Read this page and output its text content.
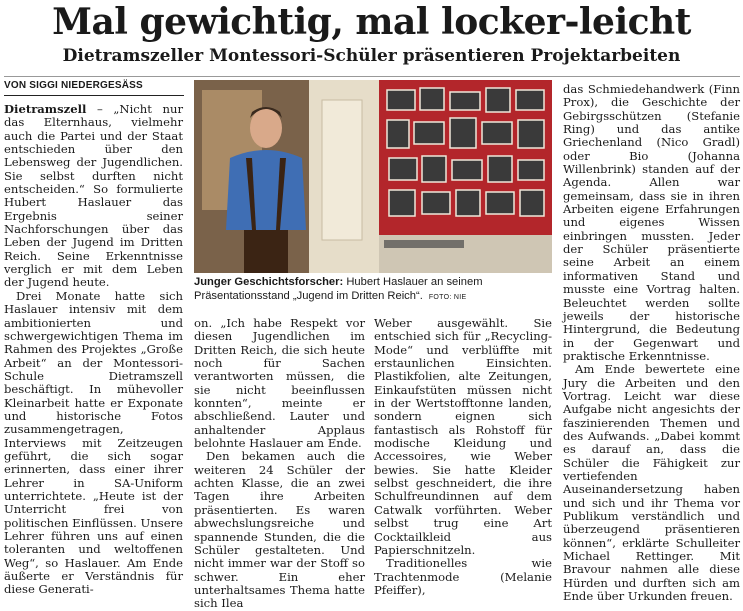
Mal gewichtig, mal locker-leicht
Dietramszeller Montessori-Schüler präsentieren Projektarbeiten
VON SIGGI NIEDERGESÄSS

Dietramszell – „Nicht nur das Elternhaus, vielmehr auch die Partei und der Staat entschieden über den Lebensweg der Jugendlichen. Sie selbst durften nicht entscheiden.“ So formulierte Hubert Haslauer das Ergebnis seiner Nachforschungen über das Leben der Jugend im Dritten Reich. Seine Erkenntnisse verglich er mit dem Leben der Jugend heute.

Drei Monate hatte sich Haslauer intensiv mit dem ambitionierten und schwergewichtigen Thema im Rahmen des Projektes „Große Arbeit“ an der Montessori-Schule Dietramszell beschäftigt. In mühevoller Kleinarbeit hatte er Exponate und historische Fotos zusammengetragen, Interviews mit Zeitzeugen geführt, die sich sogar erinnerten, dass einer ihrer Lehrer in SA-Uniform unterrichtete. „Heute ist der Unterricht frei von politischen Einflüssen. Unsere Lehrer führen uns auf einen toleranten und weltoffenen Weg“, so Haslauer. Am Ende äußerte er Verständnis für diese Generati-

Junger Geschichtsforscher: Hubert Haslauer an seinem Präsentationsstand „Jugend im Dritten Reich“. FOTO: NIE

on. „Ich habe Respekt vor diesen Jugendlichen im Dritten Reich, die sich heute noch für Sachen verantworten müssen, die sie nicht beeinflussen konnten“, meinte er abschließend. Lauter und anhaltender Applaus belohnte Haslauer am Ende.

Den bekamen auch die weiteren 24 Schüler der achten Klasse, die an zwei Tagen ihre Arbeiten präsentierten. Es waren abwechslungsreiche und spannende Stunden, die die Schüler gestalteten. Und nicht immer war der Stoff so schwer. Ein eher unterhaltsames Thema hatte sich Ilea

Weber ausgewählt. Sie entschied sich für „Recycling-Mode“ und verblüffte mit erstaunlichen Einsichten. Plastikfolien, alte Zeitungen, Einkaufstüten müssen nicht in der Wertstofftonne landen, sondern eignen sich fantastisch als Rohstoff für modische Kleidung und Accessoires, wie Weber bewies. Sie hatte Kleider selbst geschneidert, die ihre Schulfreundinnen auf dem Catwalk vorführten. Weber selbst trug eine Art Cocktailkleid aus Papierschnitzeln.

Traditionelles wie Trachtenmode (Melanie Pfeiffer),

das Schmiedehandwerk (Finn Prox), die Geschichte der Gebirgsschützen (Stefanie Ring) und das antike Griechenland (Nico Gradl) oder Bio (Johanna Willenbrink) standen auf der Agenda. Allen war gemeinsam, dass sie in ihren Arbeiten eigene Erfahrungen und eigenes Wissen einbringen mussten. Jeder der Schüler präsentierte seine Arbeit an einem informativen Stand und musste eine Vortrag halten. Beleuchtet werden sollte jeweils der historische Hintergrund, die Bedeutung in der Gegenwart und praktische Erkenntnisse.

Am Ende bewertete eine Jury die Arbeiten und den Vortrag. Leicht war diese Aufgabe nicht angesichts der faszinierenden Themen und des Aufwands. „Dabei kommt es darauf an, dass die Schüler die Fähigkeit zur vertiefenden Auseinandersetzung haben und sich und ihr Thema vor Publikum verständlich und überzeugend präsentieren können“, erklärte Schulleiter Michael Rettinger. Mit Bravour nahmen alle diese Hürden und durften sich am Ende über Urkunden freuen.
